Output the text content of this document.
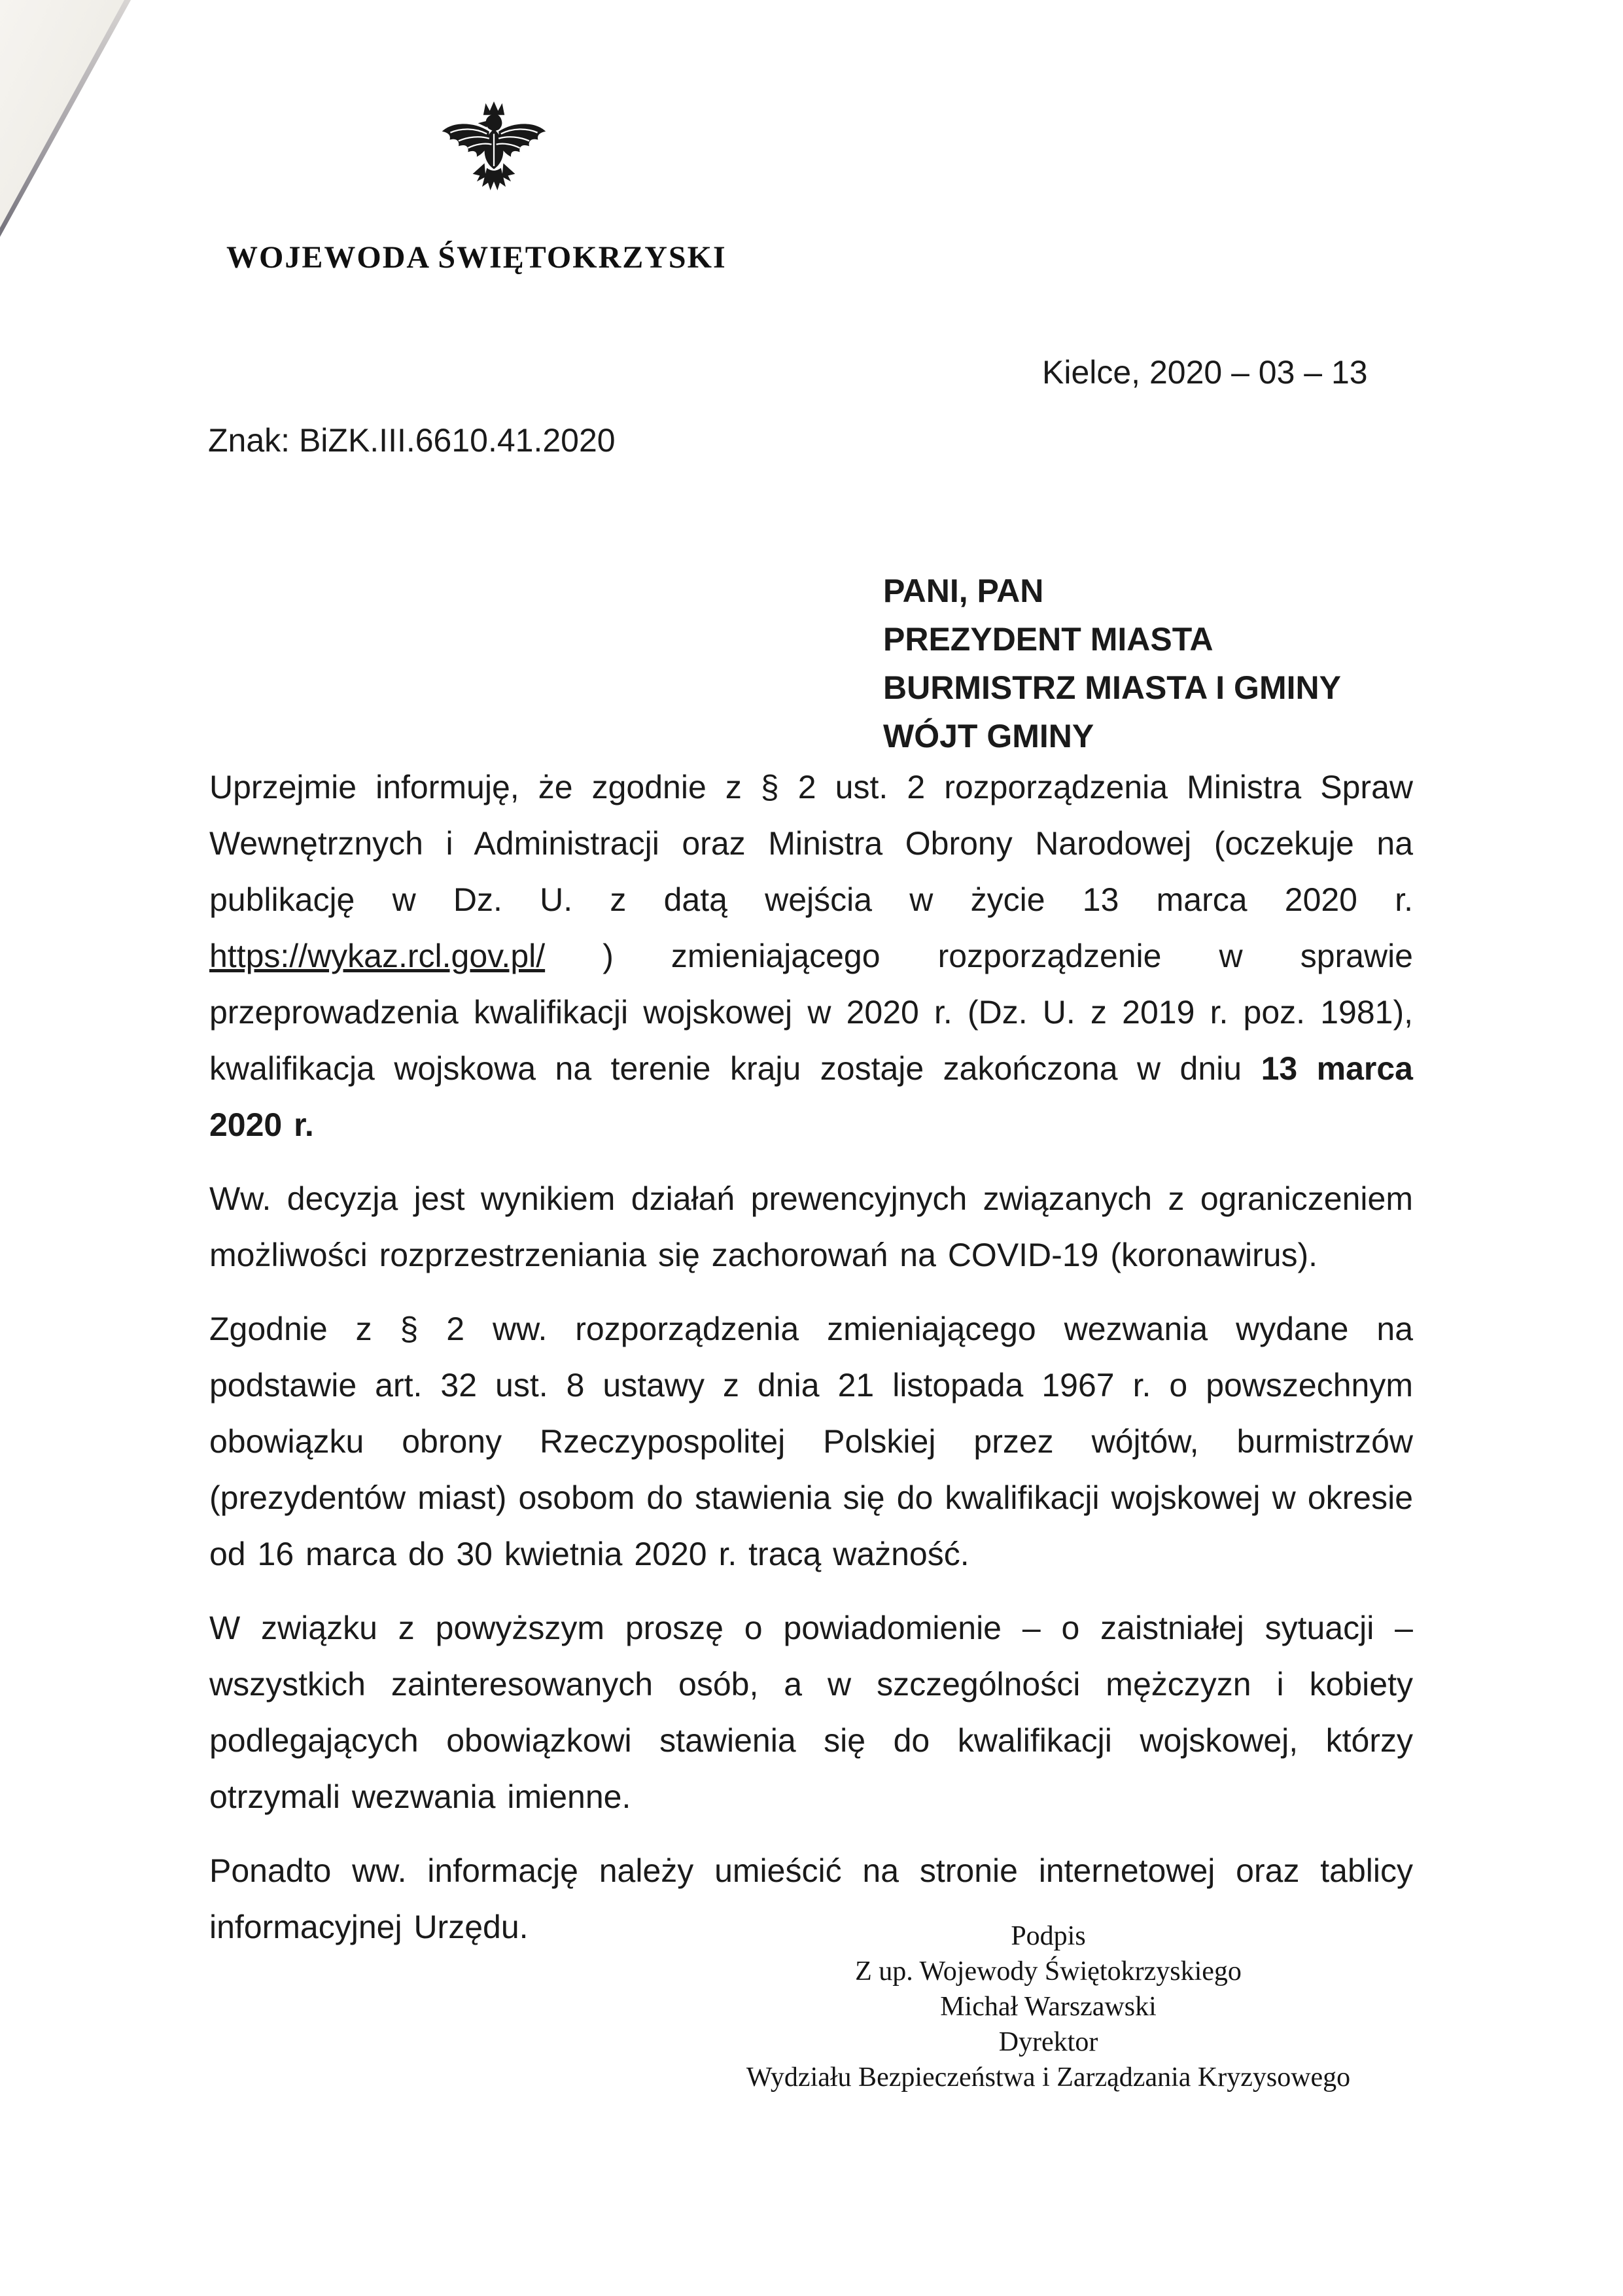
WOJEWODA ŚWIĘTOKRZYSKI
Kielce, 2020 – 03 – 13
Znak: BiZK.III.6610.41.2020
PANI, PAN
PREZYDENT MIASTA
BURMISTRZ MIASTA I GMINY
WÓJT GMINY

Uprzejmie informuję, że zgodnie z § 2 ust. 2 rozporządzenia Ministra Spraw Wewnętrznych i Administracji oraz Ministra Obrony Narodowej (oczekuje na publikację w Dz. U. z datą wejścia w życie 13 marca 2020 r. https://wykaz.rcl.gov.pl/ ) zmieniającego rozporządzenie w sprawie przeprowadzenia kwalifikacji wojskowej w 2020 r. (Dz. U. z 2019 r. poz. 1981), kwalifikacja wojskowa na terenie kraju zostaje zakończona w dniu 13 marca 2020 r.

Ww. decyzja jest wynikiem działań prewencyjnych związanych z ograniczeniem możliwości rozprzestrzeniania się zachorowań na COVID-19 (koronawirus).

Zgodnie z § 2 ww. rozporządzenia zmieniającego wezwania wydane na podstawie art. 32 ust. 8 ustawy z dnia 21 listopada 1967 r. o powszechnym obowiązku obrony Rzeczypospolitej Polskiej przez wójtów, burmistrzów (prezydentów miast) osobom do stawienia się do kwalifikacji wojskowej w okresie od 16 marca do 30 kwietnia 2020 r. tracą ważność.

W związku z powyższym proszę o powiadomienie – o zaistniałej sytuacji – wszystkich zainteresowanych osób, a w szczególności mężczyzn i kobiety podlegających obowiązkowi stawienia się do kwalifikacji wojskowej, którzy otrzymali wezwania imienne.

Ponadto ww. informację należy umieścić na stronie internetowej oraz tablicy informacyjnej Urzędu.	Podpis
Z up. Wojewody Świętokrzyskiego
Michał Warszawski
Dyrektor
Wydziału Bezpieczeństwa i Zarządzania Kryzysowego
